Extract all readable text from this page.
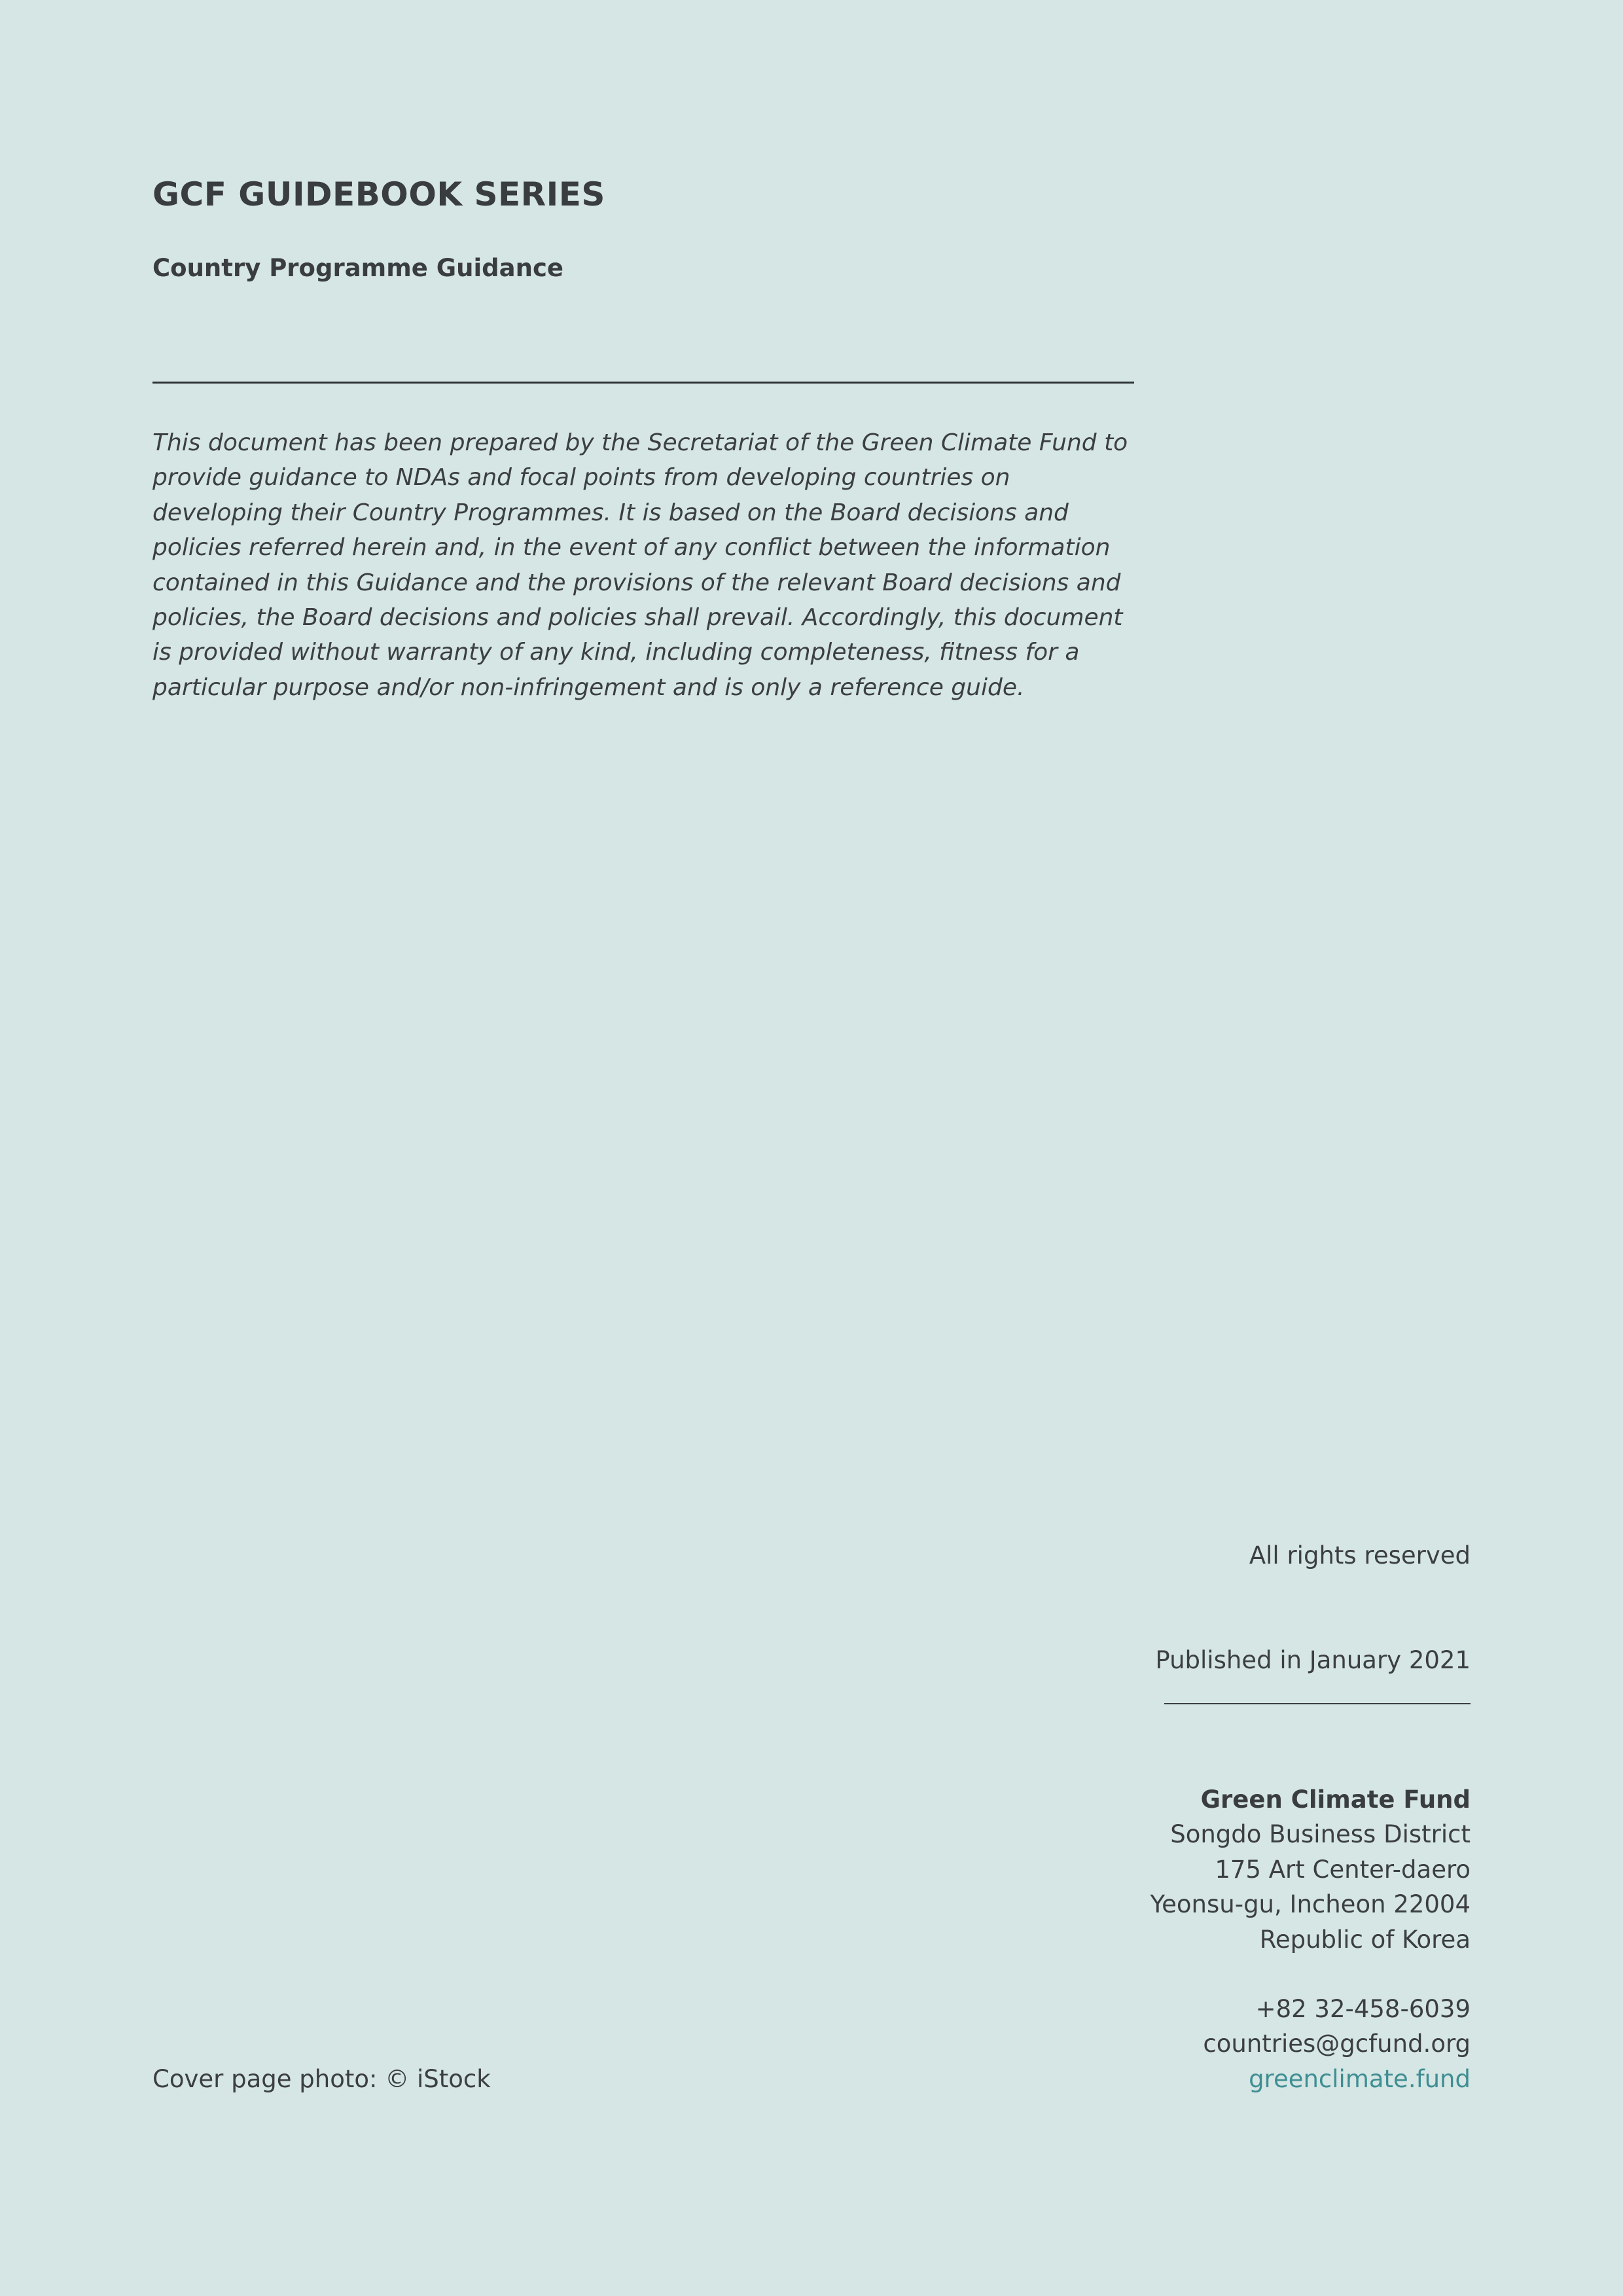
GCF GUIDEBOOK SERIES
Country Programme Guidance

This document has been prepared by the Secretariat of the Green Climate Fund to provide guidance to NDAs and focal points from developing countries on developing their Country Programmes. It is based on the Board decisions and policies referred herein and, in the event of any conflict between the information contained in this Guidance and the provisions of the relevant Board decisions and policies, the Board decisions and policies shall prevail. Accordingly, this document is provided without warranty of any kind, including completeness, fitness for a particular purpose and/or non-infringement and is only a reference guide.

All rights reserved
Published in January 2021
Green Climate Fund
Songdo Business District
175 Art Center-daero
Yeonsu-gu, Incheon 22004
Republic of Korea
+82 32-458-6039
countries@gcfund.org
greenclimate.fund
Cover page photo: © iStock
